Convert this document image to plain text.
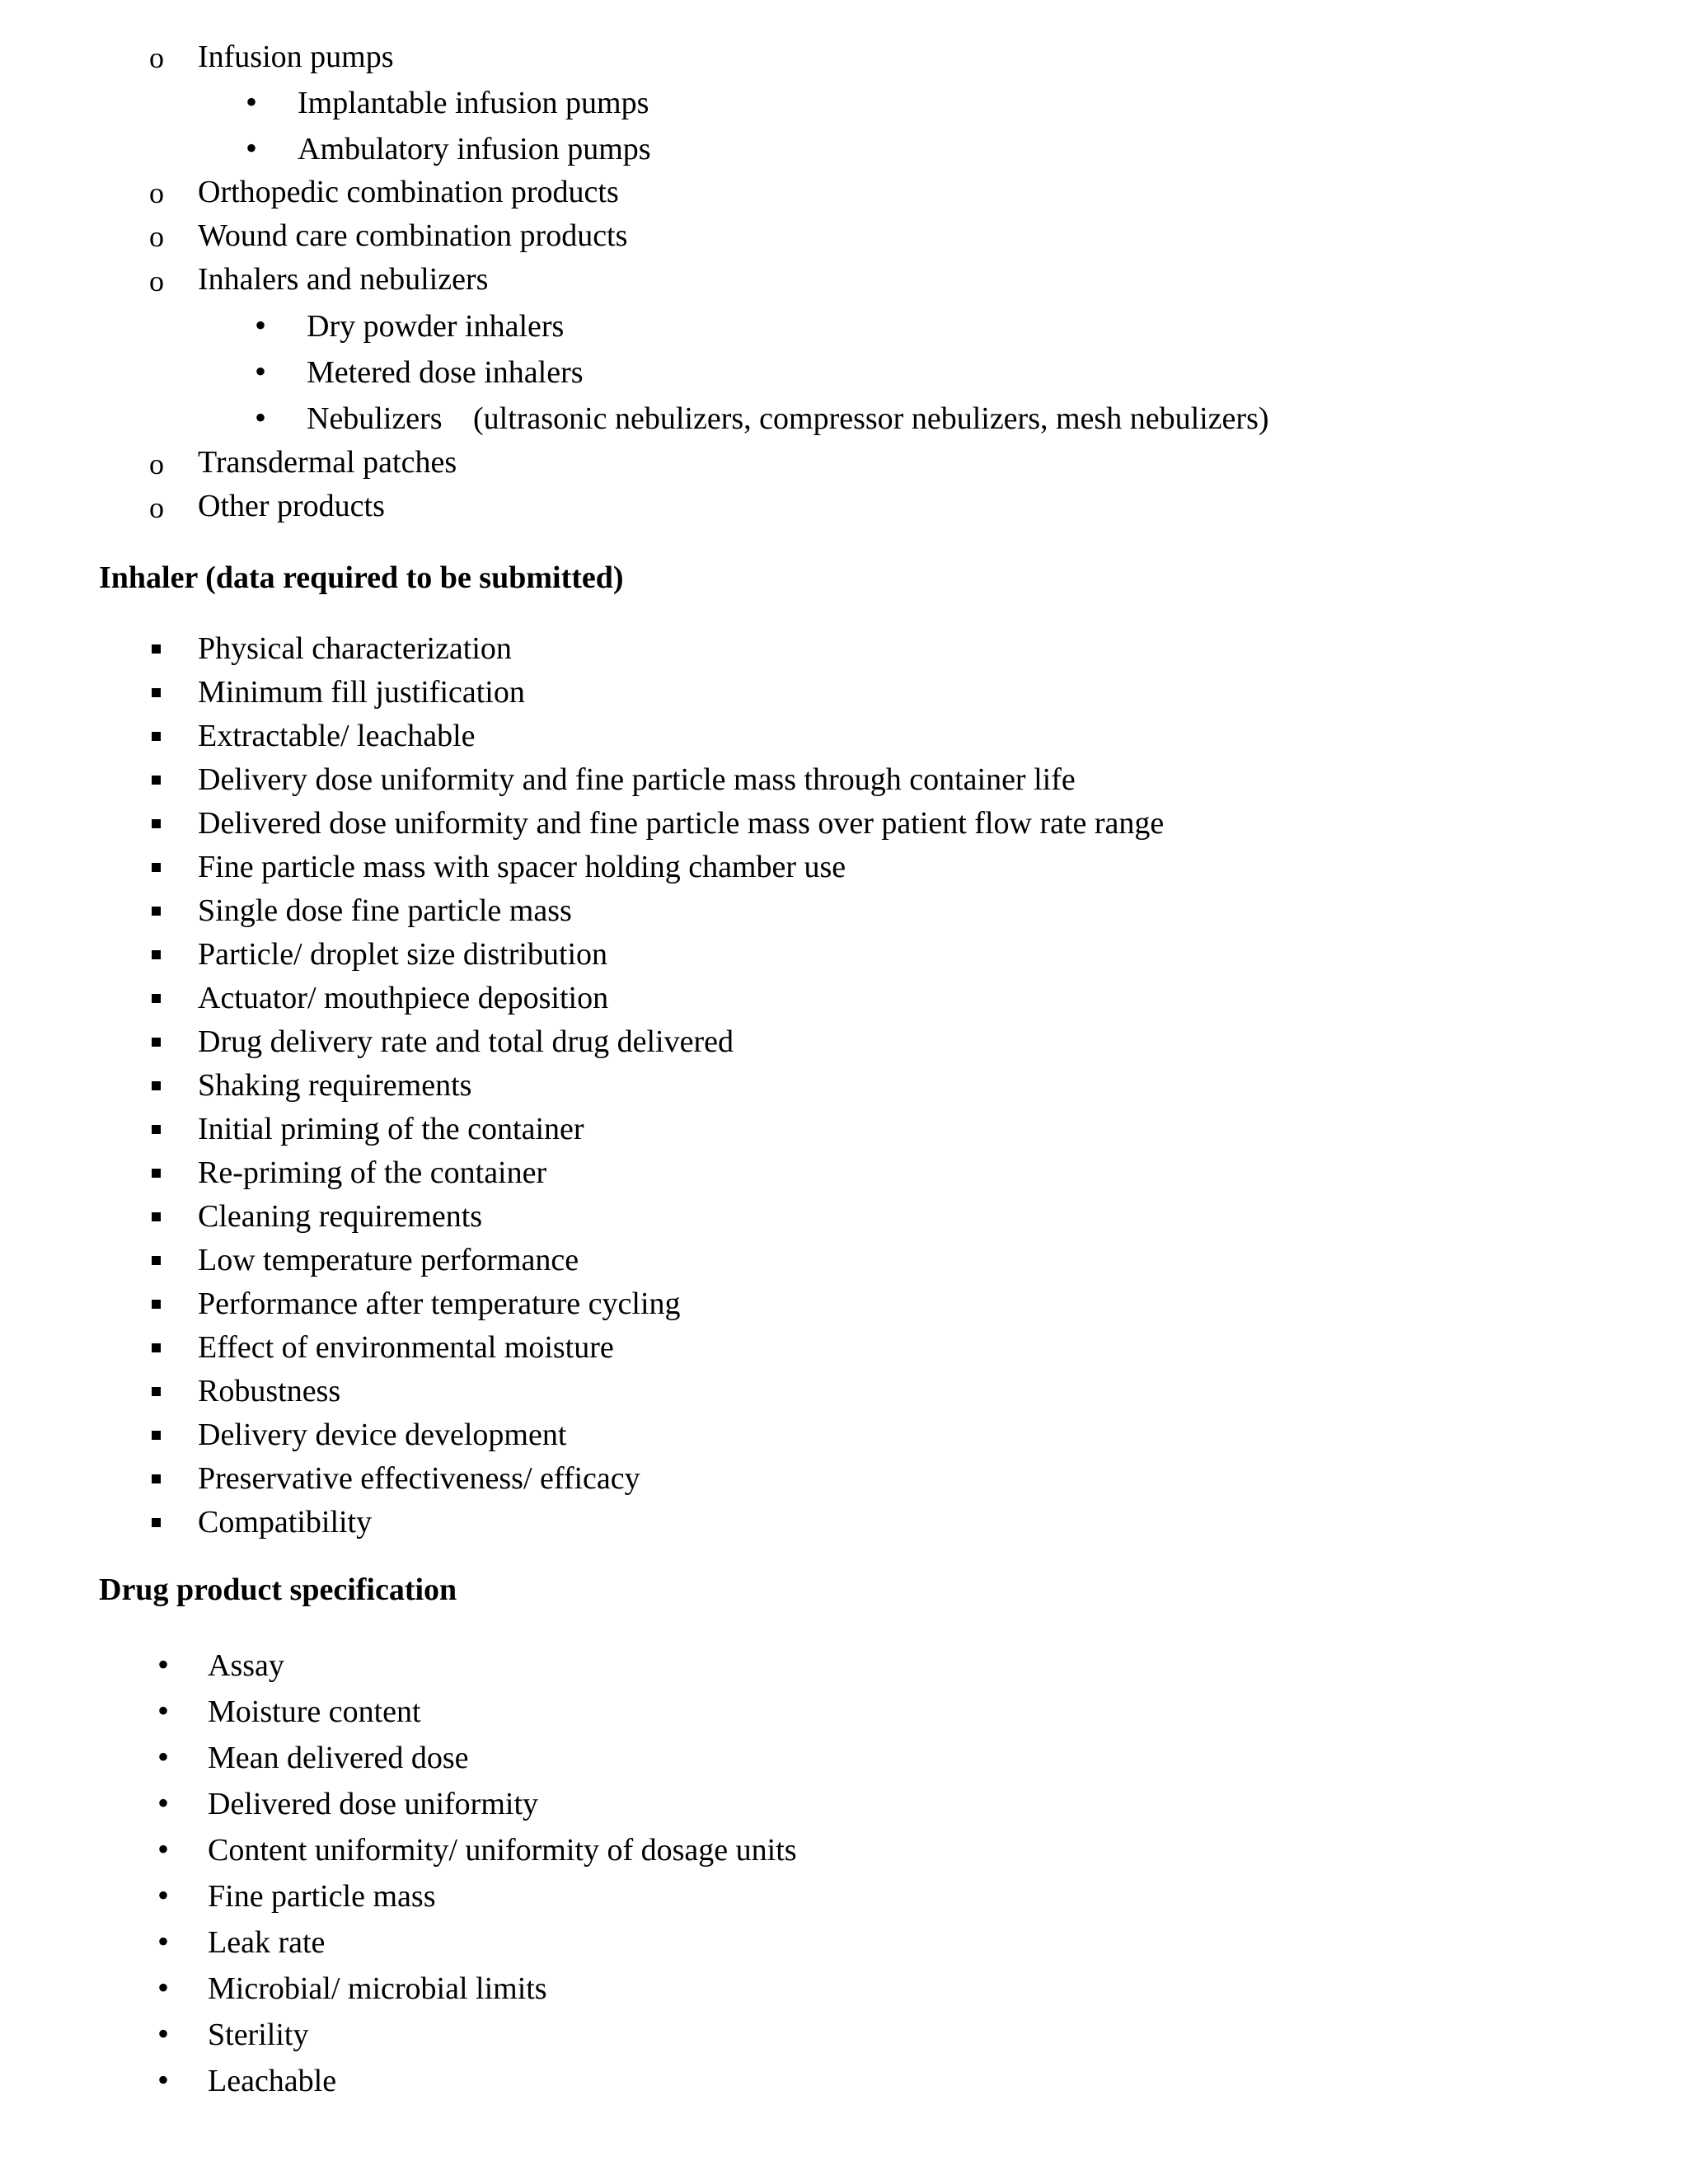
o Infusion pumps
• Implantable infusion pumps
• Ambulatory infusion pumps
o Orthopedic combination products
o Wound care combination products
o Inhalers and nebulizers
• Dry powder inhalers
• Metered dose inhalers
• Nebulizers (ultrasonic nebulizers, compressor nebulizers, mesh nebulizers)
o Transdermal patches
o Other products
Inhaler (data required to be submitted)
Physical characterization
Minimum fill justification
Extractable/ leachable
Delivery dose uniformity and fine particle mass through container life
Delivered dose uniformity and fine particle mass over patient flow rate range
Fine particle mass with spacer holding chamber use
Single dose fine particle mass
Particle/ droplet size distribution
Actuator/ mouthpiece deposition
Drug delivery rate and total drug delivered
Shaking requirements
Initial priming of the container
Re-priming of the container
Cleaning requirements
Low temperature performance
Performance after temperature cycling
Effect of environmental moisture
Robustness
Delivery device development
Preservative effectiveness/ efficacy
Compatibility
Drug product specification
• Assay
• Moisture content
• Mean delivered dose
• Delivered dose uniformity
• Content uniformity/ uniformity of dosage units
• Fine particle mass
• Leak rate
• Microbial/ microbial limits
• Sterility
• Leachable
